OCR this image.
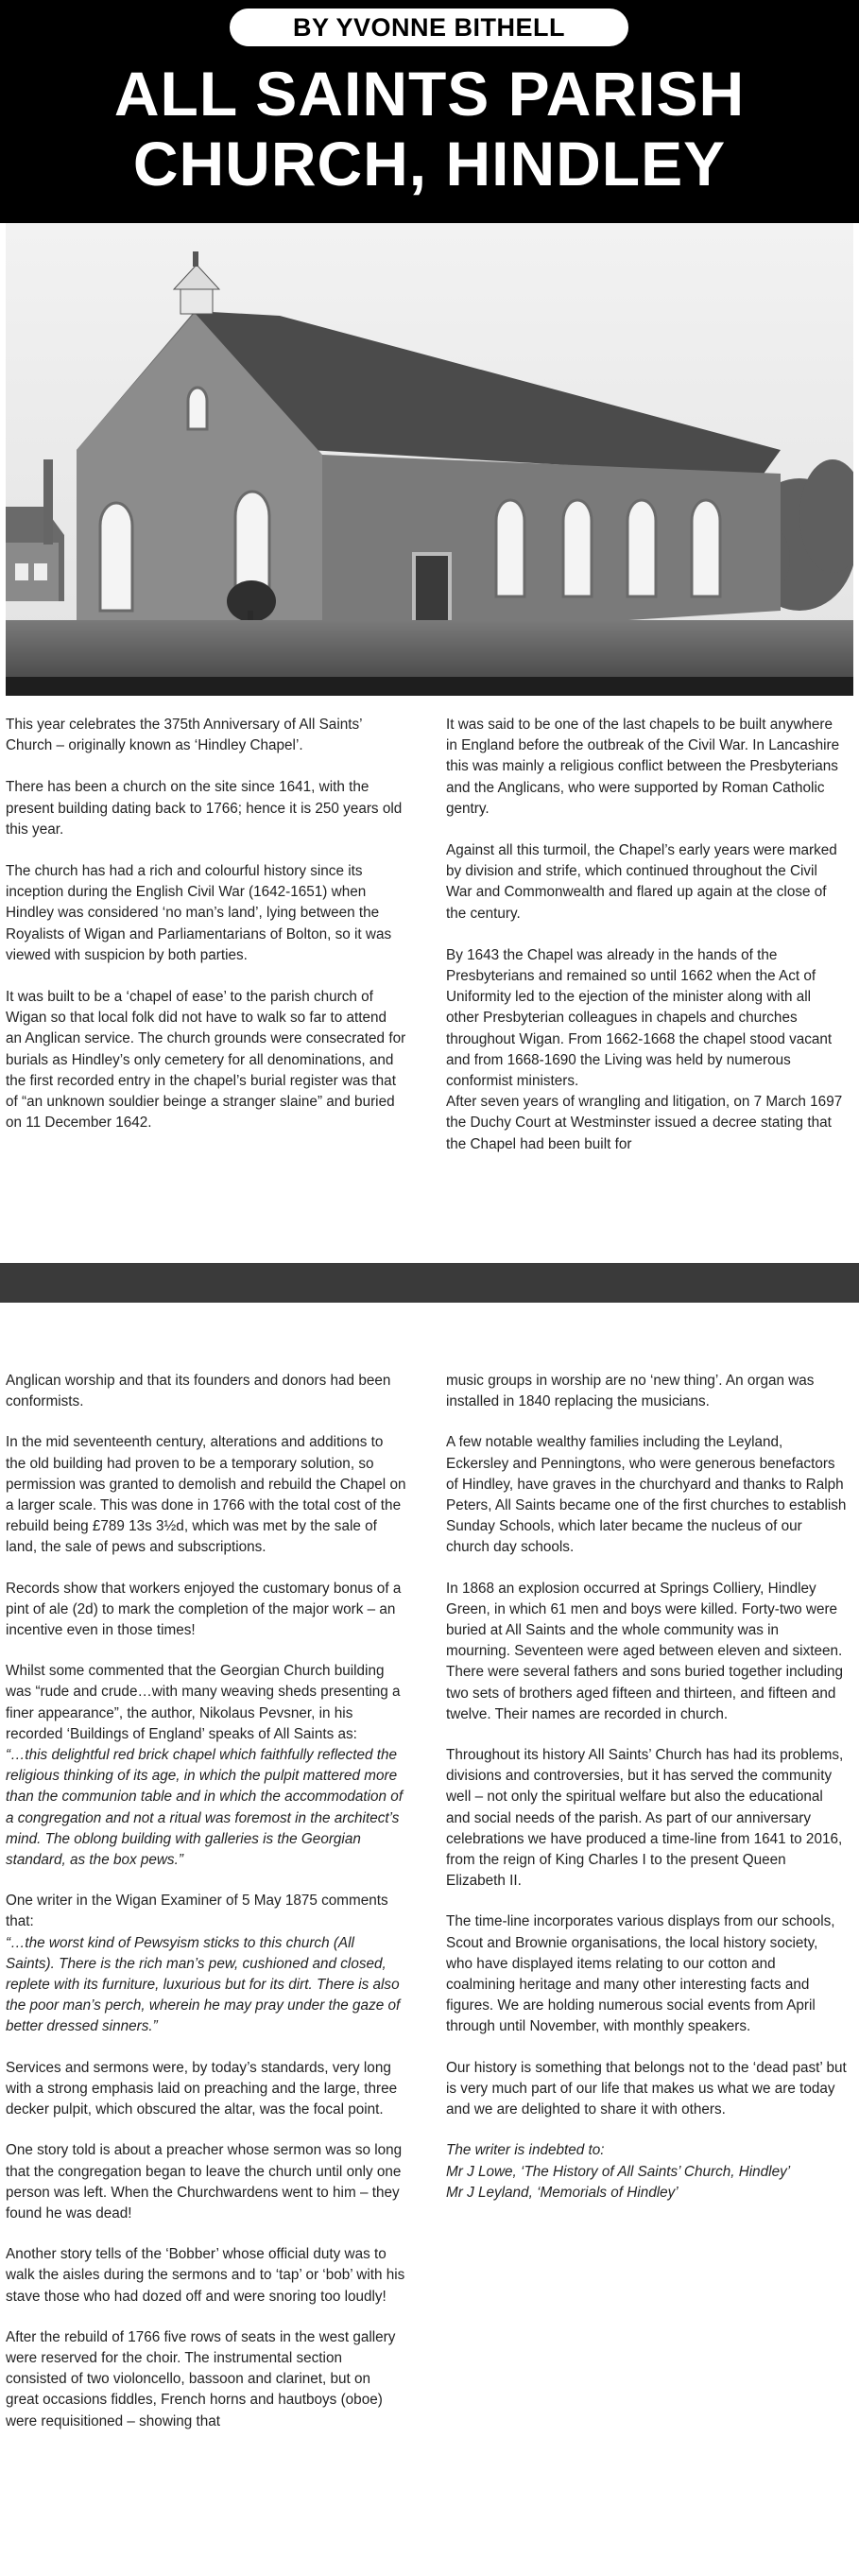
BY YVONNE BITHELL
ALL SAINTS PARISH
CHURCH, HINDLEY

This year celebrates the 375th Anniversary of All Saints’ Church – originally known as ‘Hindley Chapel’.

There has been a church on the site since 1641, with the present building dating back to 1766; hence it is 250 years old this year.

The church has had a rich and colourful history since its inception during the English Civil War (1642-1651) when Hindley was considered ‘no man’s land’, lying between the Royalists of Wigan and Parliamentarians of Bolton, so it was viewed with suspicion by both parties.

It was built to be a ‘chapel of ease’ to the parish church of Wigan so that local folk did not have to walk so far to attend an Anglican service. The church grounds were consecrated for burials as Hindley’s only cemetery for all denominations, and the first recorded entry in the chapel’s burial register was that of “an unknown souldier beinge a stranger slaine” and buried on 11 December 1642.

It was said to be one of the last chapels to be built anywhere in England before the outbreak of the Civil War. In Lancashire this was mainly a religious conflict between the Presbyterians and the Anglicans, who were supported by Roman Catholic gentry.

Against all this turmoil, the Chapel’s early years were marked by division and strife, which continued throughout the Civil War and Commonwealth and flared up again at the close of the century.

By 1643 the Chapel was already in the hands of the Presbyterians and remained so until 1662 when the Act of Uniformity led to the ejection of the minister along with all other Presbyterian colleagues in chapels and churches throughout Wigan. From 1662-1668 the chapel stood vacant and from 1668-1690 the Living was held by numerous conformist ministers.

After seven years of wrangling and litigation, on 7 March 1697 the Duchy Court at Westminster issued a decree stating that the Chapel had been built for

Anglican worship and that its founders and donors had been conformists.

In the mid seventeenth century, alterations and additions to the old building had proven to be a temporary solution, so permission was granted to demolish and rebuild the Chapel on a larger scale. This was done in 1766 with the total cost of the rebuild being £789 13s 3½d, which was met by the sale of land, the sale of pews and subscriptions.

Records show that workers enjoyed the customary bonus of a pint of ale (2d) to mark the completion of the major work – an incentive even in those times!

Whilst some commented that the Georgian Church building was “rude and crude…with many weaving sheds presenting a finer appearance”, the author, Nikolaus Pevsner, in his recorded ‘Buildings of England’ speaks of All Saints as:

“…this delightful red brick chapel which faithfully reflected the religious thinking of its age, in which the pulpit mattered more than the communion table and in which the accommodation of a congregation and not a ritual was foremost in the architect’s mind. The oblong building with galleries is the Georgian standard, as the box pews.”

One writer in the Wigan Examiner of 5 May 1875 comments that:

“…the worst kind of Pewsyism sticks to this church (All Saints). There is the rich man’s pew, cushioned and closed, replete with its furniture, luxurious but for its dirt. There is also the poor man’s perch, wherein he may pray under the gaze of better dressed sinners.”

Services and sermons were, by today’s standards, very long with a strong emphasis laid on preaching and the large, three decker pulpit, which obscured the altar, was the focal point.

One story told is about a preacher whose sermon was so long that the congregation began to leave the church until only one person was left. When the Churchwardens went to him – they found he was dead!

Another story tells of the ‘Bobber’ whose official duty was to walk the aisles during the sermons and to ‘tap’ or ‘bob’ with his stave those who had dozed off and were snoring too loudly!

After the rebuild of 1766 five rows of seats in the west gallery were reserved for the choir. The instrumental section consisted of two violoncello, bassoon and clarinet, but on great occasions fiddles, French horns and hautboys (oboe) were requisitioned – showing that

music groups in worship are no ‘new thing’. An organ was installed in 1840 replacing the musicians.

A few notable wealthy families including the Leyland, Eckersley and Penningtons, who were generous benefactors of Hindley, have graves in the churchyard and thanks to Ralph Peters, All Saints became one of the first churches to establish Sunday Schools, which later became the nucleus of our church day schools.

In 1868 an explosion occurred at Springs Colliery, Hindley Green, in which 61 men and boys were killed. Forty-two were buried at All Saints and the whole community was in mourning. Seventeen were aged between eleven and sixteen. There were several fathers and sons buried together including two sets of brothers aged fifteen and thirteen, and fifteen and twelve. Their names are recorded in church.

Throughout its history All Saints’ Church has had its problems, divisions and controversies, but it has served the community well – not only the spiritual welfare but also the educational and social needs of the parish. As part of our anniversary celebrations we have produced a time-line from 1641 to 2016, from the reign of King Charles I to the present Queen Elizabeth II.

The time-line incorporates various displays from our schools, Scout and Brownie organisations, the local history society, who have displayed items relating to our cotton and coalmining heritage and many other interesting facts and figures. We are holding numerous social events from April through until November, with monthly speakers.

Our history is something that belongs not to the ‘dead past’ but is very much part of our life that makes us what we are today and we are delighted to share it with others.

The writer is indebted to:

Mr J Lowe, ‘The History of All Saints’ Church, Hindley’

Mr J Leyland, ‘Memorials of Hindley’
